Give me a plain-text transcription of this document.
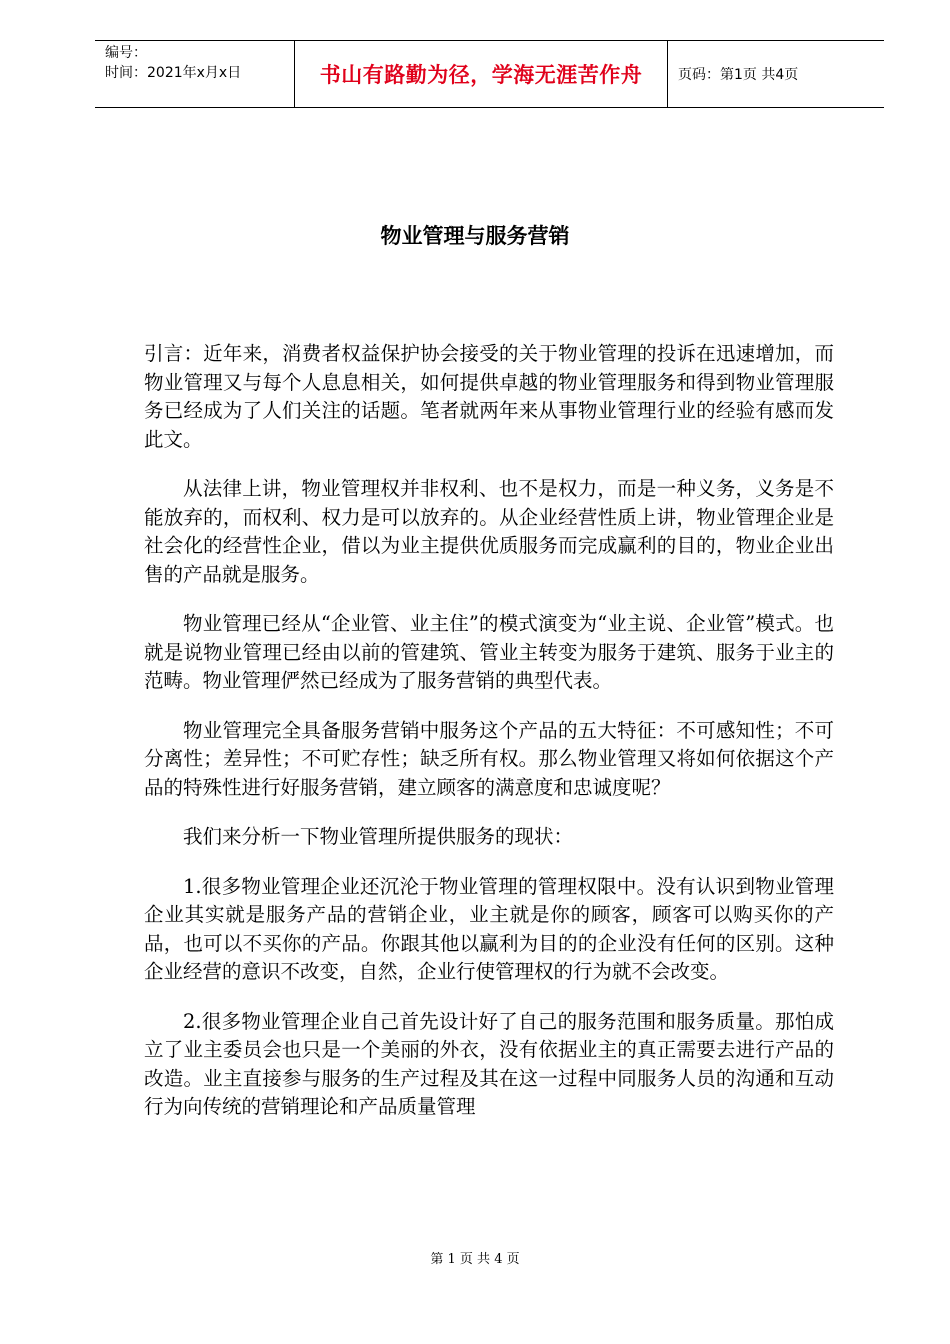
编号：
时间：2021年x月x日	书山有路勤为径，学海无涯苦作舟	页码：第1页 共4页
物业管理与服务营销

引言：近年来，消费者权益保护协会接受的关于物业管理的投诉在迅速增加，而物业管理又与每个人息息相关，如何提供卓越的物业管理服务和得到物业管理服务已经成为了人们关注的话题。笔者就两年来从事物业管理行业的经验有感而发此文。

从法律上讲，物业管理权并非权利、也不是权力，而是一种义务，义务是不能放弃的，而权利、权力是可以放弃的。从企业经营性质上讲，物业管理企业是社会化的经营性企业，借以为业主提供优质服务而完成赢利的目的，物业企业出售的产品就是服务。

物业管理已经从“企业管、业主住”的模式演变为“业主说、企业管”模式。也就是说物业管理已经由以前的管建筑、管业主转变为服务于建筑、服务于业主的范畴。物业管理俨然已经成为了服务营销的典型代表。

物业管理完全具备服务营销中服务这个产品的五大特征：不可感知性；不可分离性；差异性；不可贮存性；缺乏所有权。那么物业管理又将如何依据这个产品的特殊性进行好服务营销，建立顾客的满意度和忠诚度呢？

我们来分析一下物业管理所提供服务的现状：

1.很多物业管理企业还沉沦于物业管理的管理权限中。没有认识到物业管理企业其实就是服务产品的营销企业，业主就是你的顾客，顾客可以购买你的产品，也可以不买你的产品。你跟其他以赢利为目的的企业没有任何的区别。这种企业经营的意识不改变，自然，企业行使管理权的行为就不会改变。

2.很多物业管理企业自己首先设计好了自己的服务范围和服务质量。那怕成立了业主委员会也只是一个美丽的外衣，没有依据业主的真正需要去进行产品的改造。业主直接参与服务的生产过程及其在这一过程中同服务人员的沟通和互动行为向传统的营销理论和产品质量管理

第 1 页 共 4 页
